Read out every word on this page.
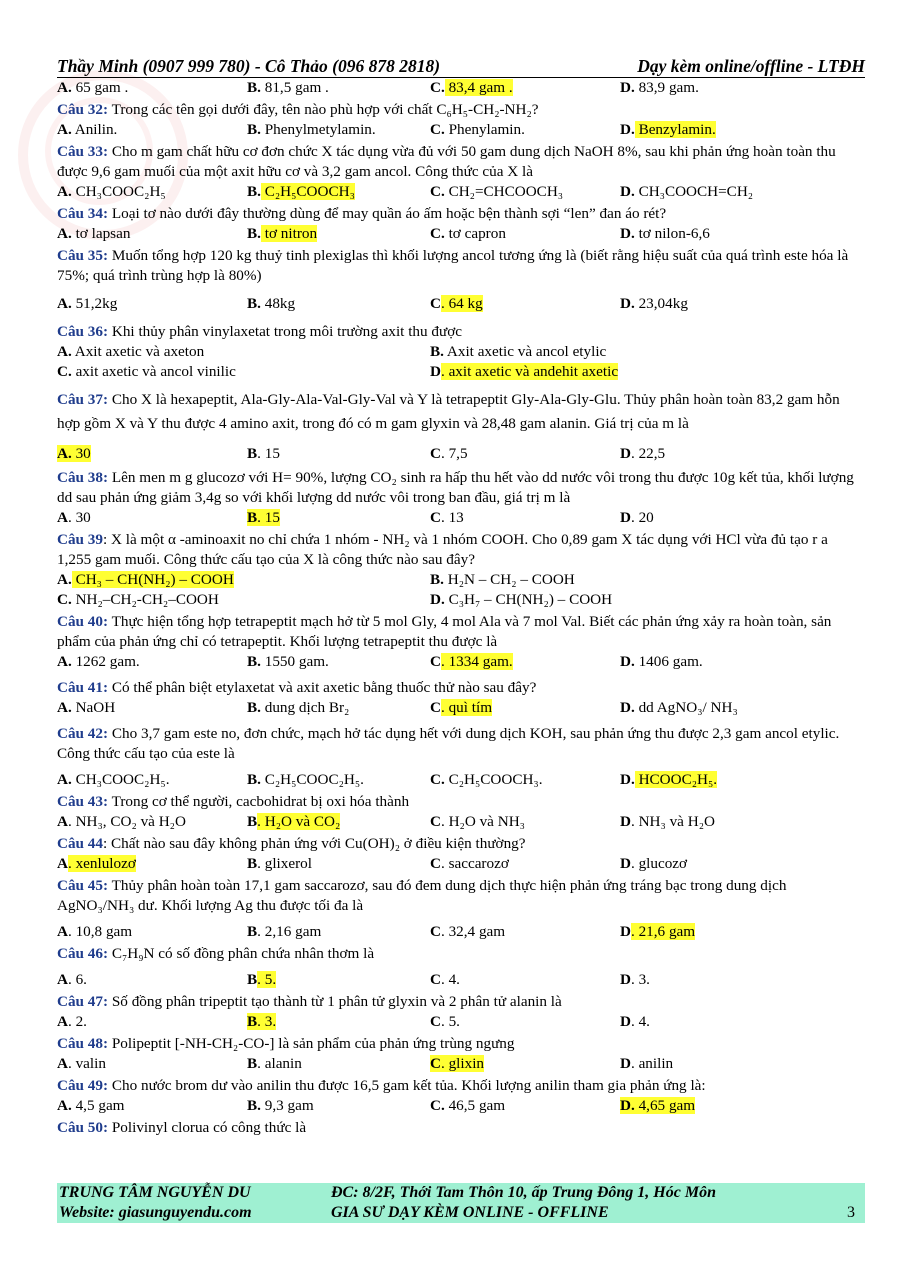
Thầy Minh (0907 999 780) - Cô Thảo (096 878 2818)	Dạy kèm online/offline - LTĐH
A. 65 gam .	B. 81,5 gam .	C. 83,4 gam .	D. 83,9 gam.
Câu 32: Trong các tên gọi dưới đây, tên nào phù hợp với chất C₆H₅-CH₂-NH₂?
A. Anilin.	B. Phenylmetylamin.	C. Phenylamin.	D. Benzylamin.
Câu 33: Cho m gam chất hữu cơ đơn chức X tác dụng vừa đủ với 50 gam dung dịch NaOH 8%, sau khi phản ứng hoàn toàn thu được 9,6 gam muối của một axit hữu cơ và 3,2 gam ancol. Công thức của X là
A. CH₃COOC₂H₅	B. C₂H₅COOCH₃	C. CH₂=CHCOOCH₃	D. CH₃COOCH=CH₂
Câu 34: Loại tơ nào dưới đây thường dùng để may quần áo ấm hoặc bện thành sợi “len” đan áo rét?
A. tơ lapsan	B. tơ nitron	C. tơ capron	D. tơ nilon-6,6
Câu 35: Muốn tổng hợp 120 kg thuỷ tinh plexiglas thì khối lượng ancol tương ứng là (biết rằng hiệu suất của quá trình este hóa là 75%; quá trình trùng hợp là 80%)
A. 51,2kg	B. 48kg	C. 64 kg	D. 23,04kg
Câu 36: Khi thủy phân vinylaxetat trong môi trường axit thu được
A. Axit axetic và axeton	B. Axit axetic và ancol etylic
C. axit axetic và ancol vinilic	D. axit axetic và andehit axetic
Câu 37: Cho X là hexapeptit, Ala-Gly-Ala-Val-Gly-Val và Y là tetrapeptit Gly-Ala-Gly-Glu. Thủy phân hoàn toàn 83,2 gam hỗn hợp gồm X và Y thu được 4 amino axit, trong đó có m gam glyxin và 28,48 gam alanin. Giá trị của m là
A. 30	B. 15	C. 7,5	D. 22,5
Câu 38: Lên men m g glucozơ với H= 90%, lượng CO₂ sinh ra hấp thu hết vào dd nước vôi trong thu được 10g kết tủa, khối lượng dd sau phản ứng giảm 3,4g so với khối lượng dd nước vôi trong ban đầu, giá trị m là
A. 30	B. 15	C. 13	D. 20
Câu 39: X là một α -aminoaxit no chỉ chứa 1 nhóm - NH₂ và 1 nhóm COOH. Cho 0,89 gam X tác dụng với HCl vừa đủ tạo r a 1,255 gam muối. Công thức cấu tạo của X là công thức nào sau đây?
A. CH₃ – CH(NH₂) – COOH	B. H₂N – CH₂ – COOH
C. NH₂–CH₂-CH₂–COOH	D. C₃H₇ – CH(NH₂) – COOH
Câu 40: Thực hiện tổng hợp tetrapeptit mạch hở từ 5 mol Gly, 4 mol Ala và 7 mol Val. Biết các phản ứng xảy ra hoàn toàn, sản phẩm của phản ứng chỉ có tetrapeptit. Khối lượng tetrapeptit thu được là
A. 1262 gam.	B. 1550 gam.	C. 1334 gam.	D. 1406 gam.
Câu 41: Có thể phân biệt etylaxetat và axit axetic bằng thuốc thử nào sau đây?
A. NaOH	B. dung dịch Br₂	C. quì tím	D. dd AgNO₃/ NH₃
Câu 42: Cho 3,7 gam este no, đơn chức, mạch hở tác dụng hết với dung dịch KOH, sau phản ứng thu được 2,3 gam ancol etylic. Công thức cấu tạo của este là
A. CH₃COOC₂H₅.	B. C₂H₅COOC₂H₅.	C. C₂H₅COOCH₃.	D. HCOOC₂H₅.
Câu 43: Trong cơ thể người, cacbohidrat bị oxi hóa thành
A. NH₃, CO₂ và H₂O	B. H₂O và CO₂	C. H₂O và NH₃	D. NH₃ và H₂O
Câu 44: Chất nào sau đây không phản ứng với Cu(OH)₂ ở điều kiện thường?
A. xenlulozơ	B. glixerol	C. saccarozơ	D. glucozơ
Câu 45: Thủy phân hoàn toàn 17,1 gam saccarozơ, sau đó đem dung dịch thực hiện phản ứng tráng bạc trong dung dịch AgNO₃/NH₃ dư. Khối lượng Ag thu được tối đa là
A. 10,8 gam	B. 2,16 gam	C. 32,4 gam	D. 21,6 gam
Câu 46: C₇H₉N có số đồng phân chứa nhân thơm là
A. 6.	B. 5.	C. 4.	D. 3.
Câu 47: Số đồng phân tripeptit tạo thành từ 1 phân tử glyxin và 2 phân tử alanin là
A. 2.	B. 3.	C. 5.	D. 4.
Câu 48: Polipeptit [-NH-CH₂-CO-] là sản phẩm của phản ứng trùng ngưng
A. valin	B. alanin	C. glixin	D. anilin
Câu 49: Cho nước brom dư vào anilin thu được 16,5 gam kết tủa. Khối lượng anilin tham gia phản ứng là:
A. 4,5 gam	B. 9,3 gam	C. 46,5 gam	D. 4,65 gam
Câu 50: Polivinyl clorua có công thức là
TRUNG TÂM NGUYỄN DU	ĐC: 8/2F, Thới Tam Thôn 10, ấp Trung Đông 1, Hóc Môn
Website: giasunguyendu.com	GIA SƯ DẠY KÈM ONLINE - OFFLINE	3
